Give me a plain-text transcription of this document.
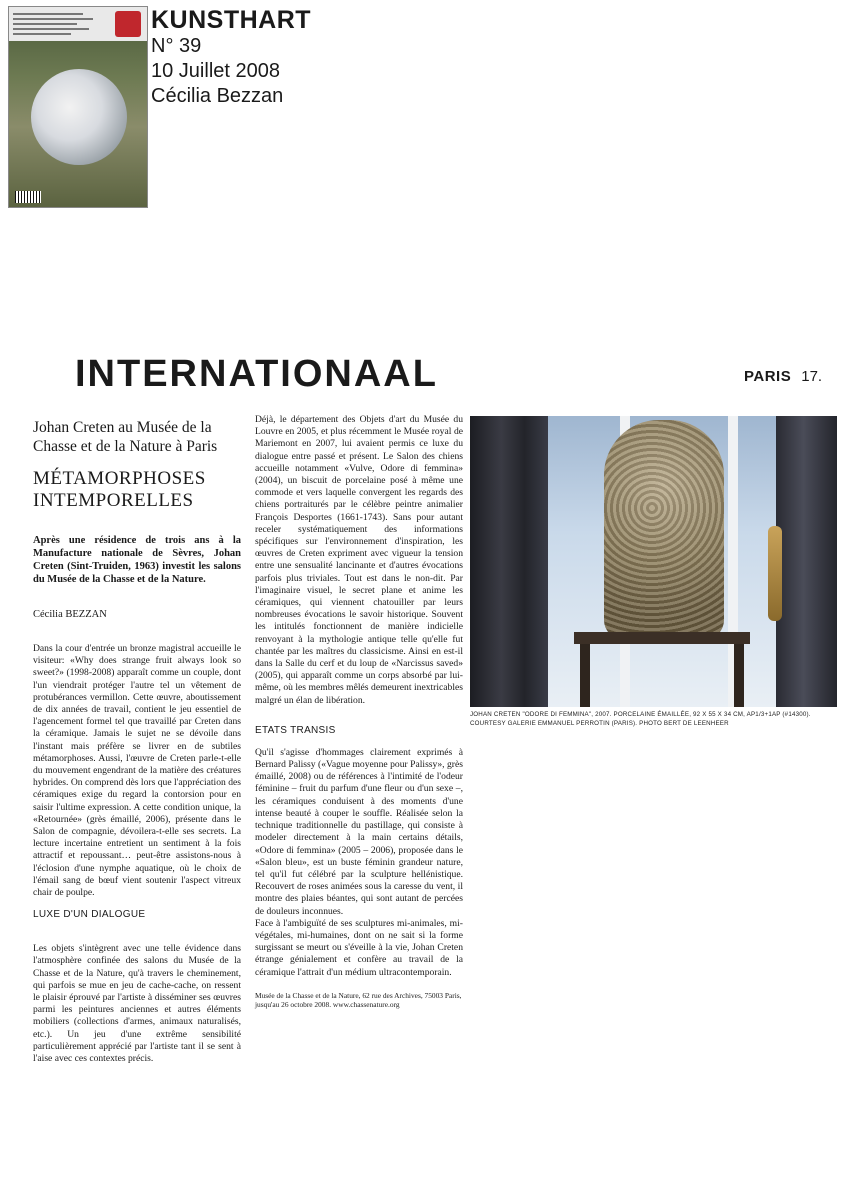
KUNSTHART
N° 39
10 Juillet 2008
Cécilia Bezzan
INTERNATIONAAL	PARIS 17.

Johan Creten au Musée de la Chasse et de la Nature à Paris

MÉTAMORPHOSES INTEMPORELLES

Après une résidence de trois ans à la Manufacture nationale de Sèvres, Johan Creten (Sint-Truiden, 1963) investit les salons du Musée de la Chasse et de la Nature.

Cécilia BEZZAN

Dans la cour d'entrée un bronze magistral accueille le visiteur: «Why does strange fruit always look so sweet?» (1998-2008) apparaît comme un couple, dont l'un viendrait protéger l'autre tel un vêtement de protubérances vermillon. Cette œuvre, aboutissement de dix années de travail, contient le jeu essentiel de l'agencement formel tel que travaillé par Creten dans la céramique. Jamais le sujet ne se dévoile dans l'instant mais préfère se livrer en de subtiles métamorphoses. Aussi, l'œuvre de Creten parle-t-elle du mouvement engendrant de la matière des créatures hybrides. On comprend dès lors que l'appréciation des céramiques exige du regard la contorsion pour en saisir l'ultime expression. A cette condition unique, la «Retournée» (grès émaillé, 2006), présente dans le Salon de compagnie, dévoilera-t-elle ses secrets. La lecture incertaine entretient un sentiment à la fois attractif et repoussant… peut-être assistons-nous à l'éclosion d'une nymphe aquatique, où le choix de l'émail sang de bœuf vient soutenir l'aspect vitreux chair de poulpe.

LUXE D'UN DIALOGUE

Les objets s'intègrent avec une telle évidence dans l'atmosphère confinée des salons du Musée de la Chasse et de la Nature, qu'à travers le cheminement, qui parfois se mue en jeu de cache-cache, on ressent le plaisir éprouvé par l'artiste à disséminer ses œuvres parmi les peintures anciennes et autres éléments mobiliers (collections d'armes, animaux naturalisés, etc.). Un jeu d'une extrême sensibilité particulièrement apprécié par l'artiste tant il se sent à l'aise avec ces contextes précis.

Déjà, le département des Objets d'art du Musée du Louvre en 2005, et plus récemment le Musée royal de Mariemont en 2007, lui avaient permis ce luxe du dialogue entre passé et présent. Le Salon des chiens accueille notamment «Vulve, Odore di femmina» (2004), un biscuit de porcelaine posé à même une commode et vers laquelle convergent les regards des chiens portraiturés par le célèbre peintre animalier François Desportes (1661-1743). Sans pour autant receler systématiquement des informations spécifiques sur l'environnement d'inspiration, les œuvres de Creten expriment avec vigueur la tension entre une sensualité lancinante et d'autres évocations parfois plus triviales. Tout est dans le non-dit. Par l'imaginaire visuel, le secret plane et anime les céramiques, qui viennent chatouiller par leurs nombreuses évocations le savoir historique. Souvent les intitulés fonctionnent de manière indicielle renvoyant à la mythologie antique telle qu'elle fut chantée par les maîtres du classicisme. Ainsi en est-il dans la Salle du cerf et du loup de «Narcissus saved» (2005), qui apparaît comme un corps absorbé par lui-même, où les membres mêlés demeurent inextricables malgré un élan de libération.

ETATS TRANSIS

Qu'il s'agisse d'hommages clairement exprimés à Bernard Palissy («Vague moyenne pour Palissy», grès émaillé, 2008) ou de références à l'intimité de l'odeur féminine – fruit du parfum d'une fleur ou d'un sexe –, les céramiques conduisent à des moments d'une intense beauté à couper le souffle. Réalisée selon la technique traditionnelle du pastillage, qui consiste à modeler directement à la main certains détails, «Odore di femmina» (2005 – 2006), proposée dans le «Salon bleu», est un buste féminin grandeur nature, tel qu'il fut célébré par la sculpture hellénistique. Recouvert de roses animées sous la caresse du vent, il montre des plaies béantes, qui sont autant de percées de douleurs inconnues.

Face à l'ambiguïté de ses sculptures mi-animales, mi-végétales, mi-humaines, dont on ne sait si la forme surgissant se meurt ou s'éveille à la vie, Johan Creten étrange génialement et confère au travail de la céramique l'attrait d'un médium ultracontemporain.

Musée de la Chasse et de la Nature, 62 rue des Archives, 75003 Paris, jusqu'au 26 octobre 2008. www.chassenature.org
JOHAN CRETEN "ODORE DI FEMMINA", 2007. PORCELAINE ÉMAILLÉE, 92 X 55 X 34 CM, AP1/3+1AP (#14300). COURTESY GALERIE EMMANUEL PERROTIN (PARIS). PHOTO BERT DE LEENHEER
